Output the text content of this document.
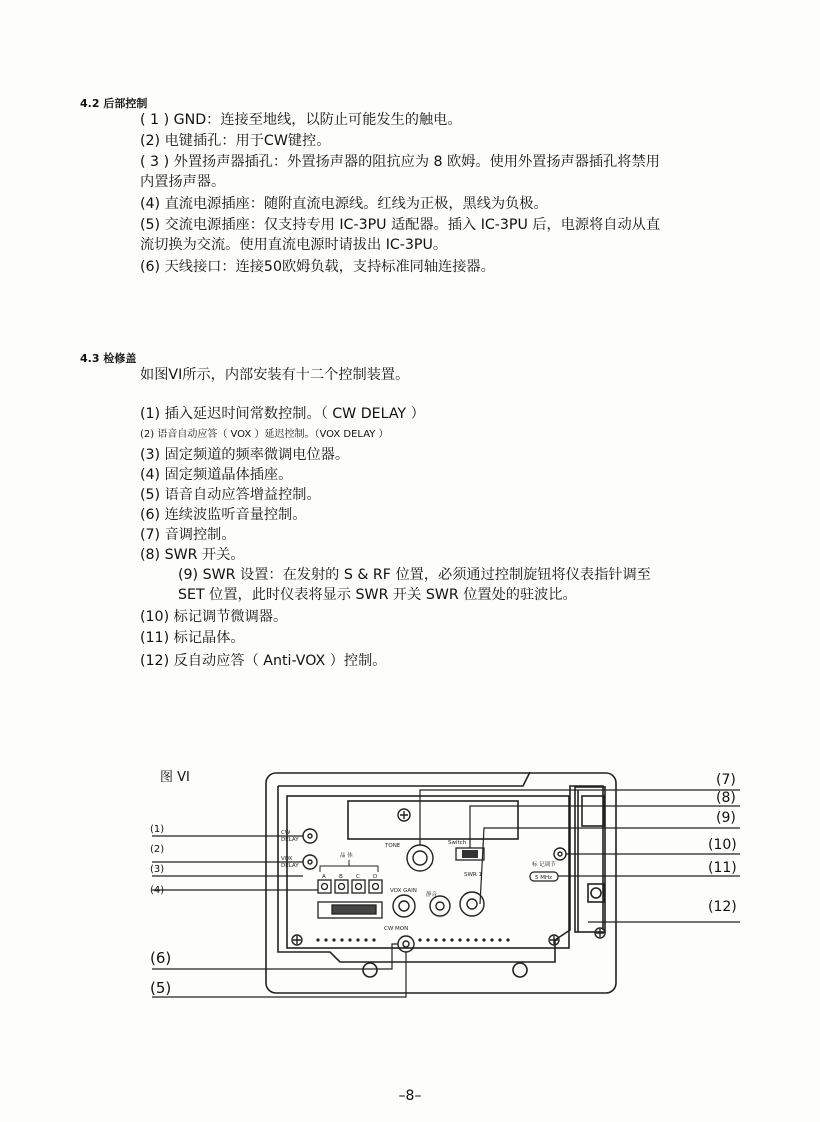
4.2 后部控制
( 1 ) GND：连接至地线，以防止可能发生的触电。
(2) 电键插孔：用于CW键控。
( 3 ) 外置扬声器插孔：外置扬声器的阻抗应为 8 欧姆。使用外置扬声器插孔将禁用
内置扬声器。
(4) 直流电源插座：随附直流电源线。红线为正极，黑线为负极。
(5) 交流电源插座：仅支持专用 IC-3PU 适配器。插入 IC-3PU 后，电源将自动从直
流切换为交流。使用直流电源时请拔出 IC-3PU。
(6) 天线接口：连接50欧姆负载，支持标准同轴连接器。
4.3 检修盖
如图VI所示，内部安装有十二个控制装置。
(1) 插入延迟时间常数控制。（ CW DELAY ）
(2) 语音自动应答（ VOX ）延迟控制。（VOX DELAY ）
(3) 固定频道的频率微调电位器。
(4) 固定频道晶体插座。
(5) 语音自动应答增益控制。
(6) 连续波监听音量控制。
(7) 音调控制。
(8) SWR 开关。
(9) SWR 设置：在发射的 S & RF 位置，必须通过控制旋钮将仪表指针调至
SET 位置，此时仪表将显示 SWR 开关 SWR 位置处的驻波比。
(10) 标记调节微调器。
(11) 标记晶体。
(12) 反自动应答（ Anti-VOX ）控制。
图 VI
CW
DELAY
VOX
DELAY
晶 体
A B C D
TONE	Switch
SWR 1
VOX GAIN
静音
CW MON
标 记调节
5 MHz
(1)
(2)
(3)
(4)
(6)
(5)
(7)
(8)
(9)
(10)
(11)
(12)
–8–
